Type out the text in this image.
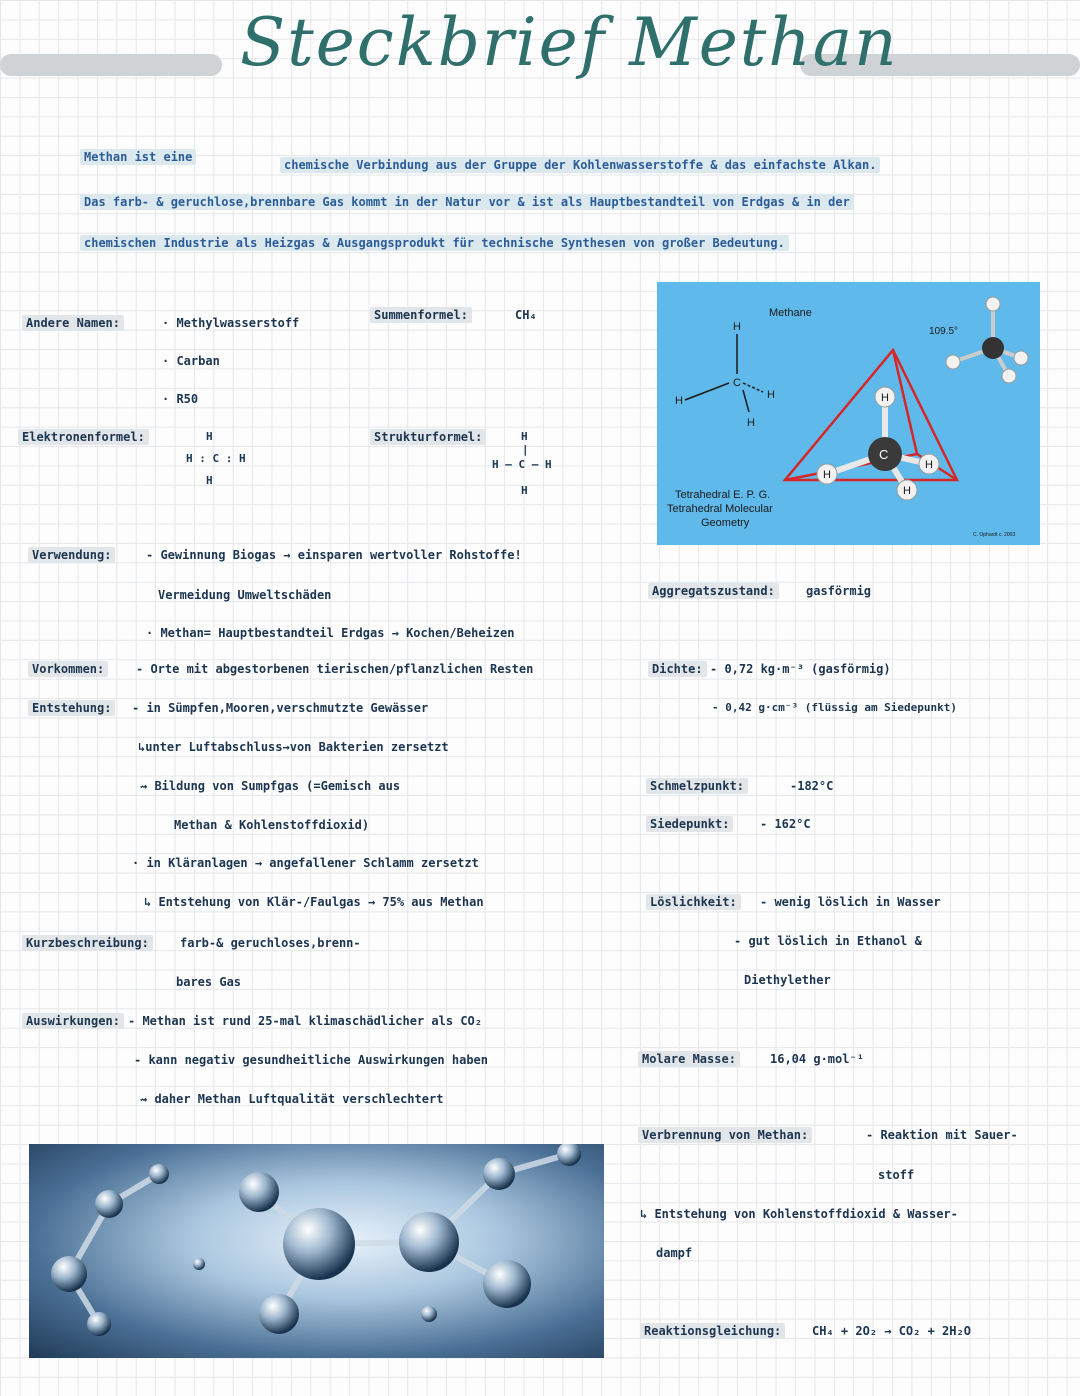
Steckbrief Methan
Methan ist eine
chemische Verbindung aus der Gruppe der Kohlenwasserstoffe & das einfachste Alkan.
Das farb- & geruchlose,brennbare Gas kommt in der Natur vor & ist als Hauptbestandteil von Erdgas & in der
chemischen Industrie als Heizgas & Ausgangsprodukt für technische Synthesen von großer Bedeutung.
Andere Namen:	· Methylwasserstoff
· Carban
· R50
Summenformel:	CH₄
Elektronenformel:	H
H : C : H
H
Strukturformel:	H
|
H — C — H
H
Methane
H
C
H	H
H
109.5°
Tetrahedral E. P. G.
Tetrahedral Molecular
Geometry
C. Ophardt c. 2003
C
H
H
H
H
Verwendung:	- Gewinnung Biogas → einsparen wertvoller Rohstoffe!
Vermeidung Umweltschäden
· Methan= Hauptbestandteil Erdgas → Kochen/Beheizen
Vorkommen:	- Orte mit abgestorbenen tierischen/pflanzlichen Resten
Entstehung:	- in Sümpfen,Mooren,verschmutzte Gewässer
↳unter Luftabschluss→von Bakterien zersetzt
⇝ Bildung von Sumpfgas (=Gemisch aus
Methan & Kohlenstoffdioxid)
· in Kläranlagen → angefallener Schlamm zersetzt
↳ Entstehung von Klär-/Faulgas → 75% aus Methan
Kurzbeschreibung:	farb-& geruchloses,brenn-
bares Gas
Auswirkungen: - Methan ist rund 25-mal klimaschädlicher als CO₂
- kann negativ gesundheitliche Auswirkungen haben
⇝ daher Methan Luftqualität verschlechtert
Aggregatszustand:	gasförmig
Dichte: - 0,72 kg·m⁻³ (gasförmig)
- 0,42 g·cm⁻³ (flüssig am Siedepunkt)
Schmelzpunkt:	-182°C
Siedepunkt:	- 162°C
Löslichkeit:	- wenig löslich in Wasser
- gut löslich in Ethanol &
Diethylether
Molare Masse:	16,04 g·mol⁻¹
Verbrennung von Methan:	- Reaktion mit Sauer-
stoff
↳ Entstehung von Kohlenstoffdioxid & Wasser-
dampf
Reaktionsgleichung:	CH₄ + 2O₂ → CO₂ + 2H₂O
